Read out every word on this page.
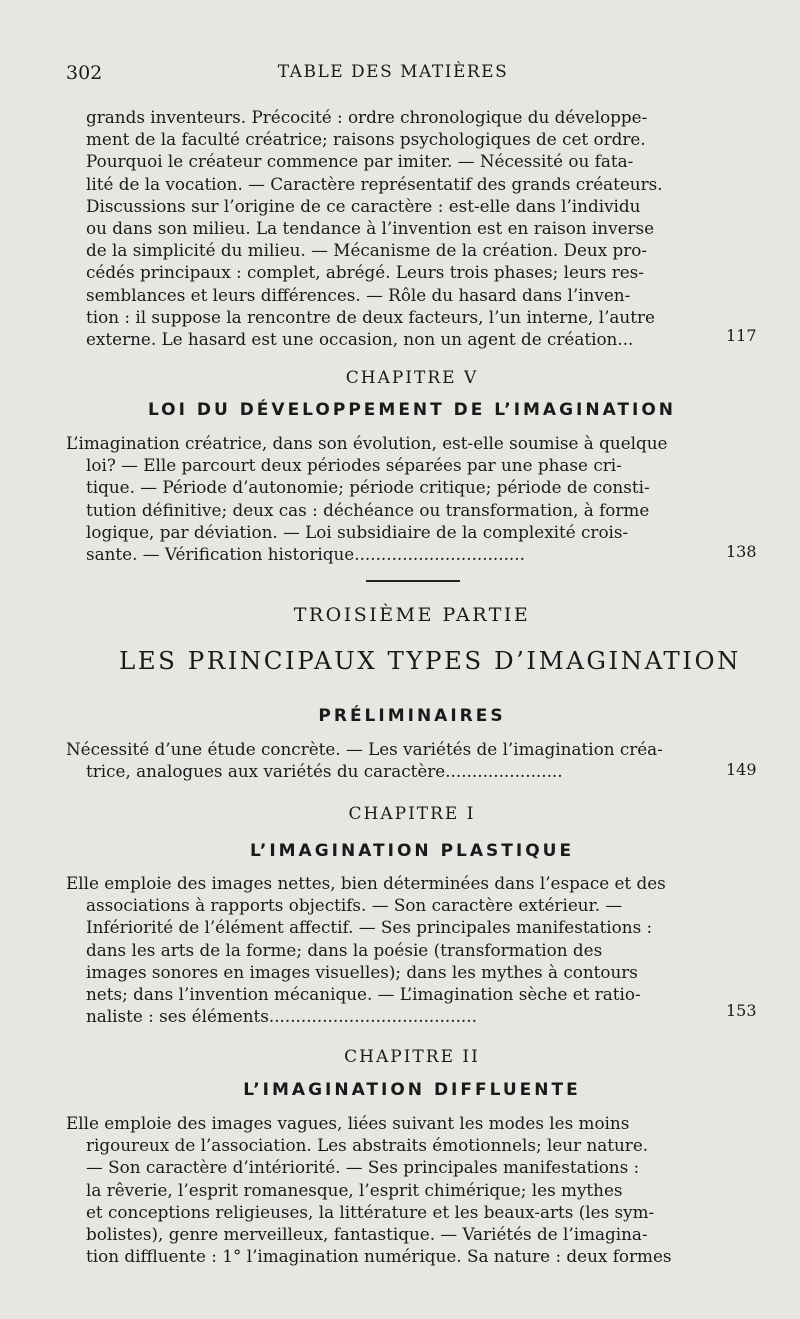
302	TABLE DES MATIÈRES
grands inventeurs. Précocité : ordre chronologique du développe-
ment de la faculté créatrice; raisons psychologiques de cet ordre.
Pourquoi le créateur commence par imiter. — Nécessité ou fata-
lité de la vocation. — Caractère représentatif des grands créateurs.
Discussions sur l’origine de ce caractère : est-elle dans l’individu
ou dans son milieu. La tendance à l’invention est en raison inverse
de la simplicité du milieu. — Mécanisme de la création. Deux pro-
cédés principaux : complet, abrégé. Leurs trois phases; leurs res-
semblances et leurs différences. — Rôle du hasard dans l’inven-
tion : il suppose la rencontre de deux facteurs, l’un interne, l’autre
externe. Le hasard est une occasion, non un agent de création...	117
CHAPITRE V
LOI DU DÉVELOPPEMENT DE L’IMAGINATION
L’imagination créatrice, dans son évolution, est-elle soumise à quelque
loi? — Elle parcourt deux périodes séparées par une phase cri-
tique. — Période d’autonomie; période critique; période de consti-
tution définitive; deux cas : déchéance ou transformation, à forme
logique, par déviation. — Loi subsidiaire de la complexité crois-
sante. — Vérification historique................................	138
TROISIÈME PARTIE
LES PRINCIPAUX TYPES D’IMAGINATION
PRÉLIMINAIRES
Nécessité d’une étude concrète. — Les variétés de l’imagination créa-
trice, analogues aux variétés du caractère......................	149
CHAPITRE I
L’IMAGINATION PLASTIQUE
Elle emploie des images nettes, bien déterminées dans l’espace et des
associations à rapports objectifs. — Son caractère extérieur. —
Infériorité de l’élément affectif. — Ses principales manifestations :
dans les arts de la forme; dans la poésie (transformation des
images sonores en images visuelles); dans les mythes à contours
nets; dans l’invention mécanique. — L’imagination sèche et ratio-
naliste : ses éléments.......................................	153
CHAPITRE II
L’IMAGINATION DIFFLUENTE
Elle emploie des images vagues, liées suivant les modes les moins
rigoureux de l’association. Les abstraits émotionnels; leur nature.
— Son caractère d’intériorité. — Ses principales manifestations :
la rêverie, l’esprit romanesque, l’esprit chimérique; les mythes
et conceptions religieuses, la littérature et les beaux-arts (les sym-
bolistes), genre merveilleux, fantastique. — Variétés de l’imagina-
tion diffluente : 1° l’imagination numérique. Sa nature : deux formes
